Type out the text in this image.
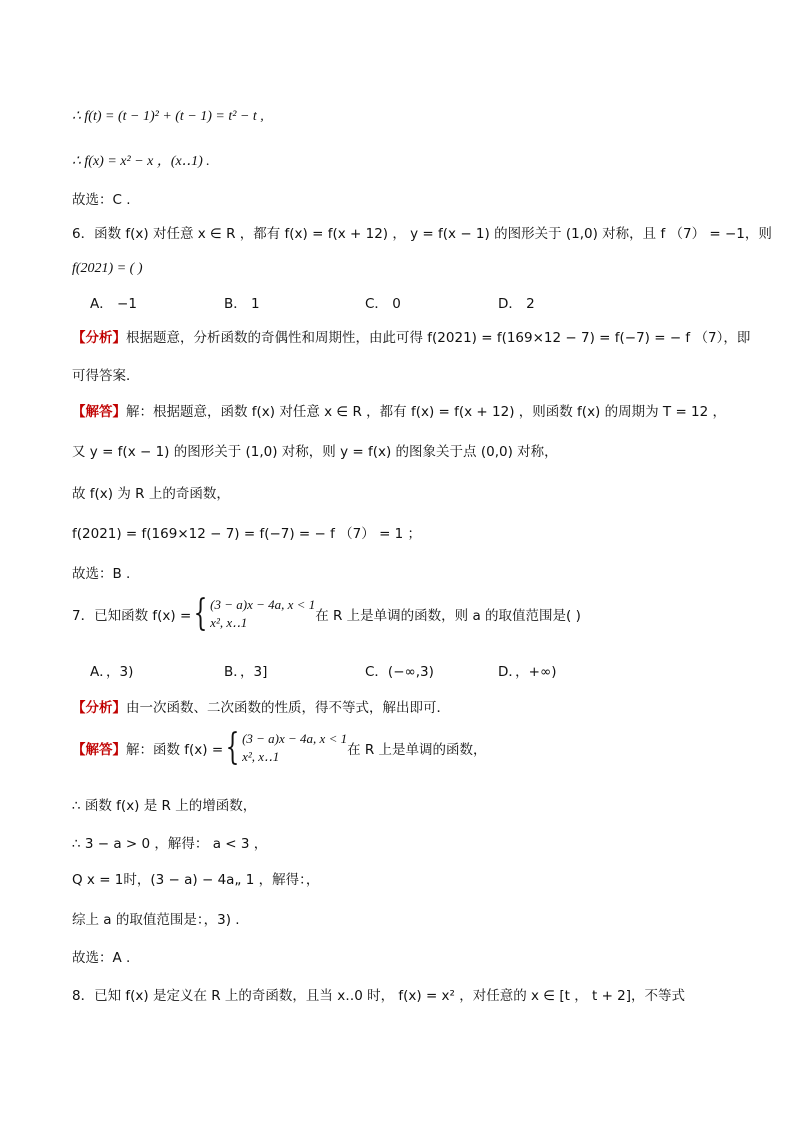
∴ f(t) = (t − 1)² + (t − 1) = t² − t ,
∴ f(x) = x² − x ，(x‥1) .
故选：C .
6．函数 f(x) 对任意 x ∈ R ，都有 f(x) = f(x + 12) ， y = f(x − 1) 的图形关于 (1,0) 对称，且 f （7） = −1，则
f(2021) = ( )
A． −1	B． 1	C． 0	D． 2
【分析】根据题意，分析函数的奇偶性和周期性，由此可得 f(2021) = f(169×12 − 7) = f(−7) = − f （7），即
可得答案．
【解答】解：根据题意，函数 f(x) 对任意 x ∈ R ，都有 f(x) = f(x + 12) ，则函数 f(x) 的周期为 T = 12 ，
又 y = f(x − 1) 的图形关于 (1,0) 对称，则 y = f(x) 的图象关于点 (0,0) 对称，
故 f(x) 为 R 上的奇函数，
f(2021) = f(169×12 − 7) = f(−7) = − f （7） = 1 ；
故选：B .
7．已知函数 f(x) = { (3 − a)x − 4a, x < 1
x², x‥1	在 R 上是单调的函数，则 a 的取值范围是( )
A．，3)	B．，3]	C．(−∞,3)	D．，+∞)
【分析】由一次函数、二次函数的性质，得不等式，解出即可．
【解答】 解：函数 f(x) = { (3 − a)x − 4a, x < 1
x², x‥1	在 R 上是单调的函数，
∴ 函数 f(x) 是 R 上的增函数，
∴ 3 − a > 0 ，解得： a < 3 ，
Q x = 1时，(3 − a) − 4a„ 1 ，解得：，
综上 a 的取值范围是：，3) .
故选：A .
8．已知 f(x) 是定义在 R 上的奇函数，且当 x‥0 时， f(x) = x² ，对任意的 x ∈ [t ， t + 2]，不等式
